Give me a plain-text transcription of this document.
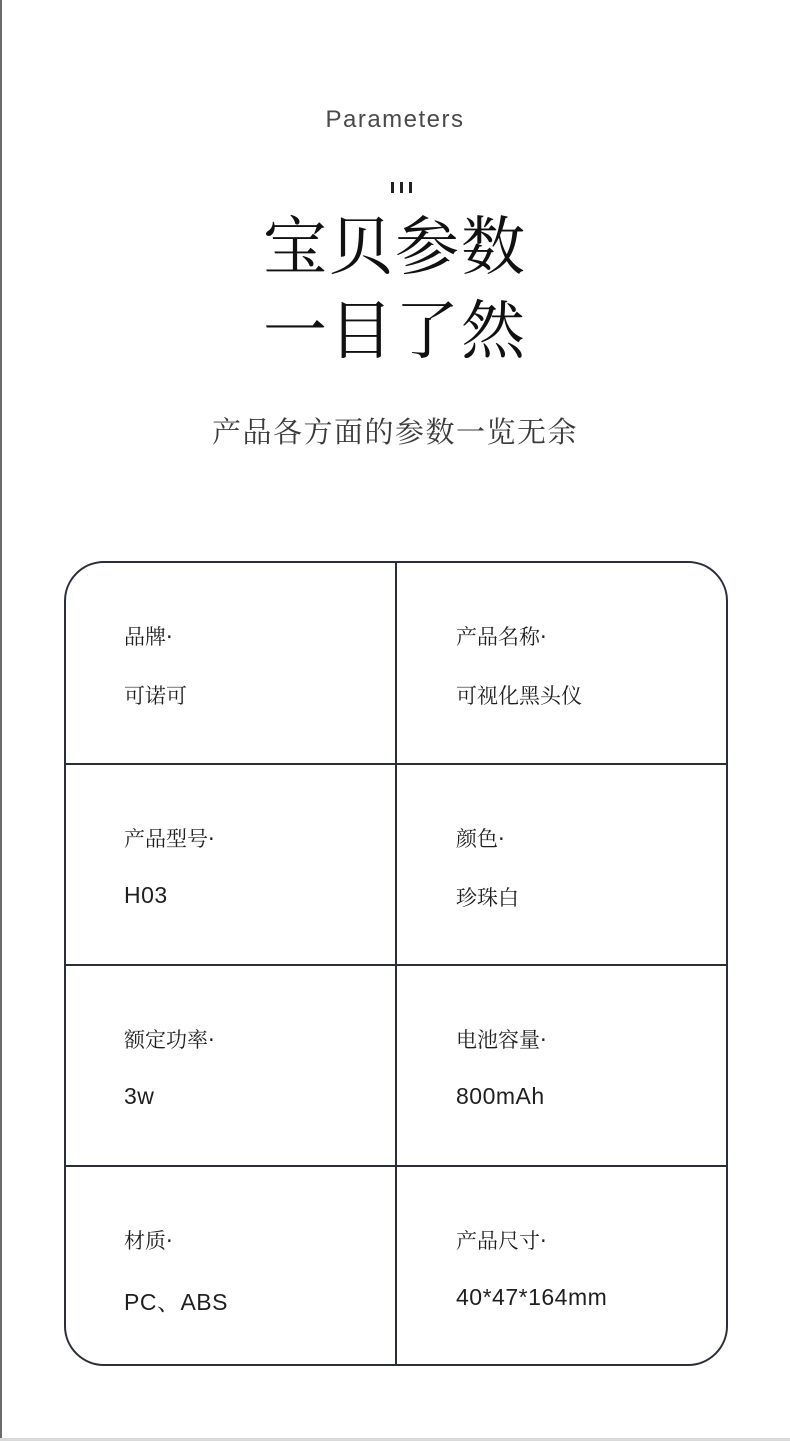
Parameters
宝贝参数
一目了然
产品各方面的参数一览无余
品牌·
可诺可
产品名称·
可视化黑头仪
产品型号·
H03
颜色·
珍珠白
额定功率·
3w
电池容量·
800mAh
材质·
PC、ABS
产品尺寸·
40*47*164mm
